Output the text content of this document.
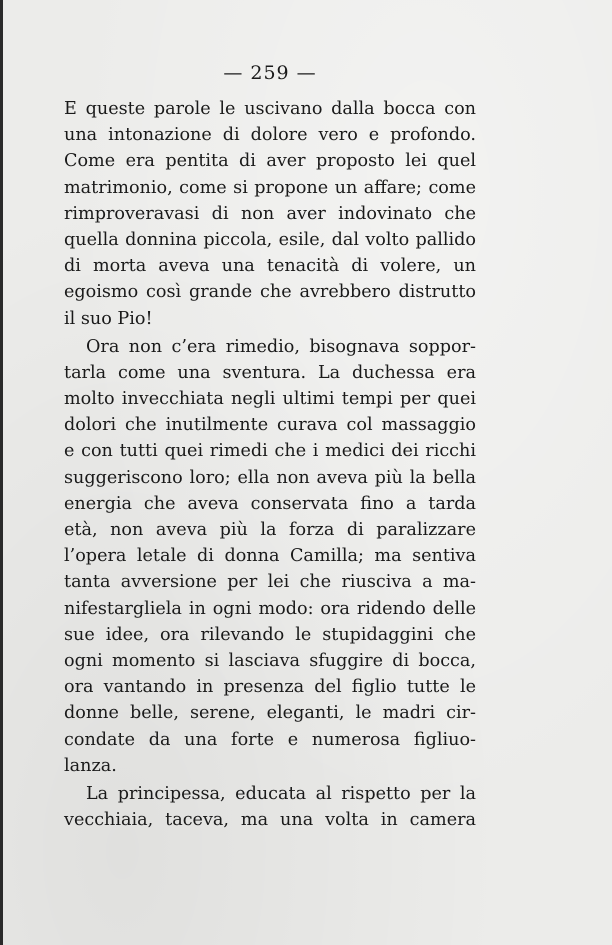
— 259 —

E queste parole le uscivano dalla bocca con
una intonazione di dolore vero e profondo.
Come era pentita di aver proposto lei quel
matrimonio, come si propone un affare; come
rimproveravasi di non aver indovinato che
quella donnina piccola, esile, dal volto pallido
di morta aveva una tenacità di volere, un
egoismo così grande che avrebbero distrutto
il suo Pio!

Ora non c’era rimedio, bisognava soppor-
tarla come una sventura. La duchessa era
molto invecchiata negli ultimi tempi per quei
dolori che inutilmente curava col massaggio
e con tutti quei rimedi che i medici dei ricchi
suggeriscono loro; ella non aveva più la bella
energia che aveva conservata fino a tarda
età, non aveva più la forza di paralizzare
l’opera letale di donna Camilla; ma sentiva
tanta avversione per lei che riusciva a ma-
nifestargliela in ogni modo: ora ridendo delle
sue idee, ora rilevando le stupidaggini che
ogni momento si lasciava sfuggire di bocca,
ora vantando in presenza del figlio tutte le
donne belle, serene, eleganti, le madri cir-
condate da una forte e numerosa figliuo-
lanza.

La principessa, educata al rispetto per la
vecchiaia, taceva, ma una volta in camera
